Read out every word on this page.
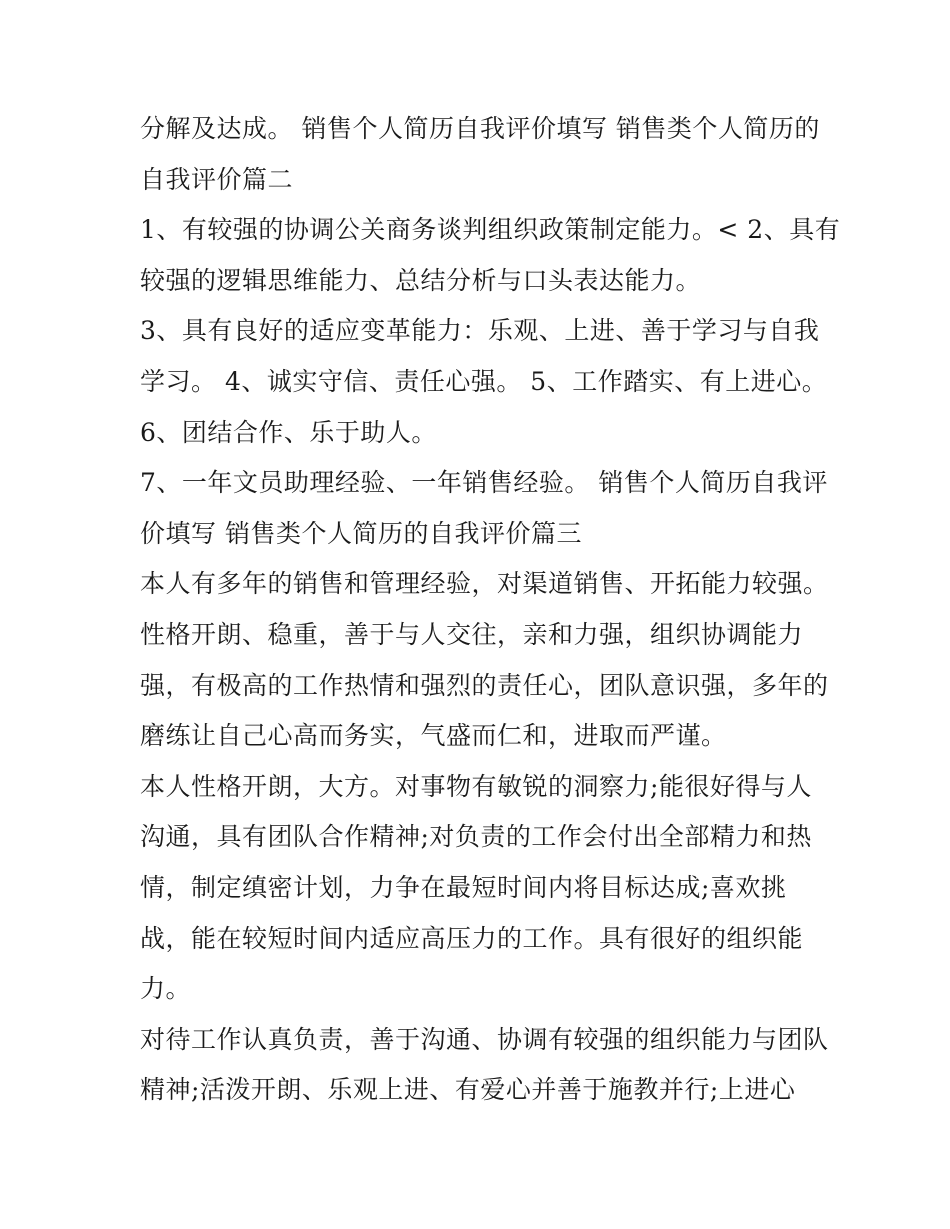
分解及达成。 销售个人简历自我评价填写 销售类个人简历的
自我评价篇二
1、有较强的协调公关商务谈判组织政策制定能力。< 2、具有
较强的逻辑思维能力、总结分析与口头表达能力。
3、具有良好的适应变革能力：乐观、上进、善于学习与自我
学习。 4、诚实守信、责任心强。 5、工作踏实、有上进心。
6、团结合作、乐于助人。
7、一年文员助理经验、一年销售经验。 销售个人简历自我评
价填写 销售类个人简历的自我评价篇三
本人有多年的销售和管理经验，对渠道销售、开拓能力较强。
性格开朗、稳重，善于与人交往，亲和力强，组织协调能力
强，有极高的工作热情和强烈的责任心，团队意识强，多年的
磨练让自己心高而务实，气盛而仁和，进取而严谨。
本人性格开朗，大方。对事物有敏锐的洞察力;能很好得与人
沟通，具有团队合作精神;对负责的工作会付出全部精力和热
情，制定缜密计划，力争在最短时间内将目标达成;喜欢挑
战，能在较短时间内适应高压力的工作。具有很好的组织能
力。
对待工作认真负责，善于沟通、协调有较强的组织能力与团队
精神;活泼开朗、乐观上进、有爱心并善于施教并行;上进心
